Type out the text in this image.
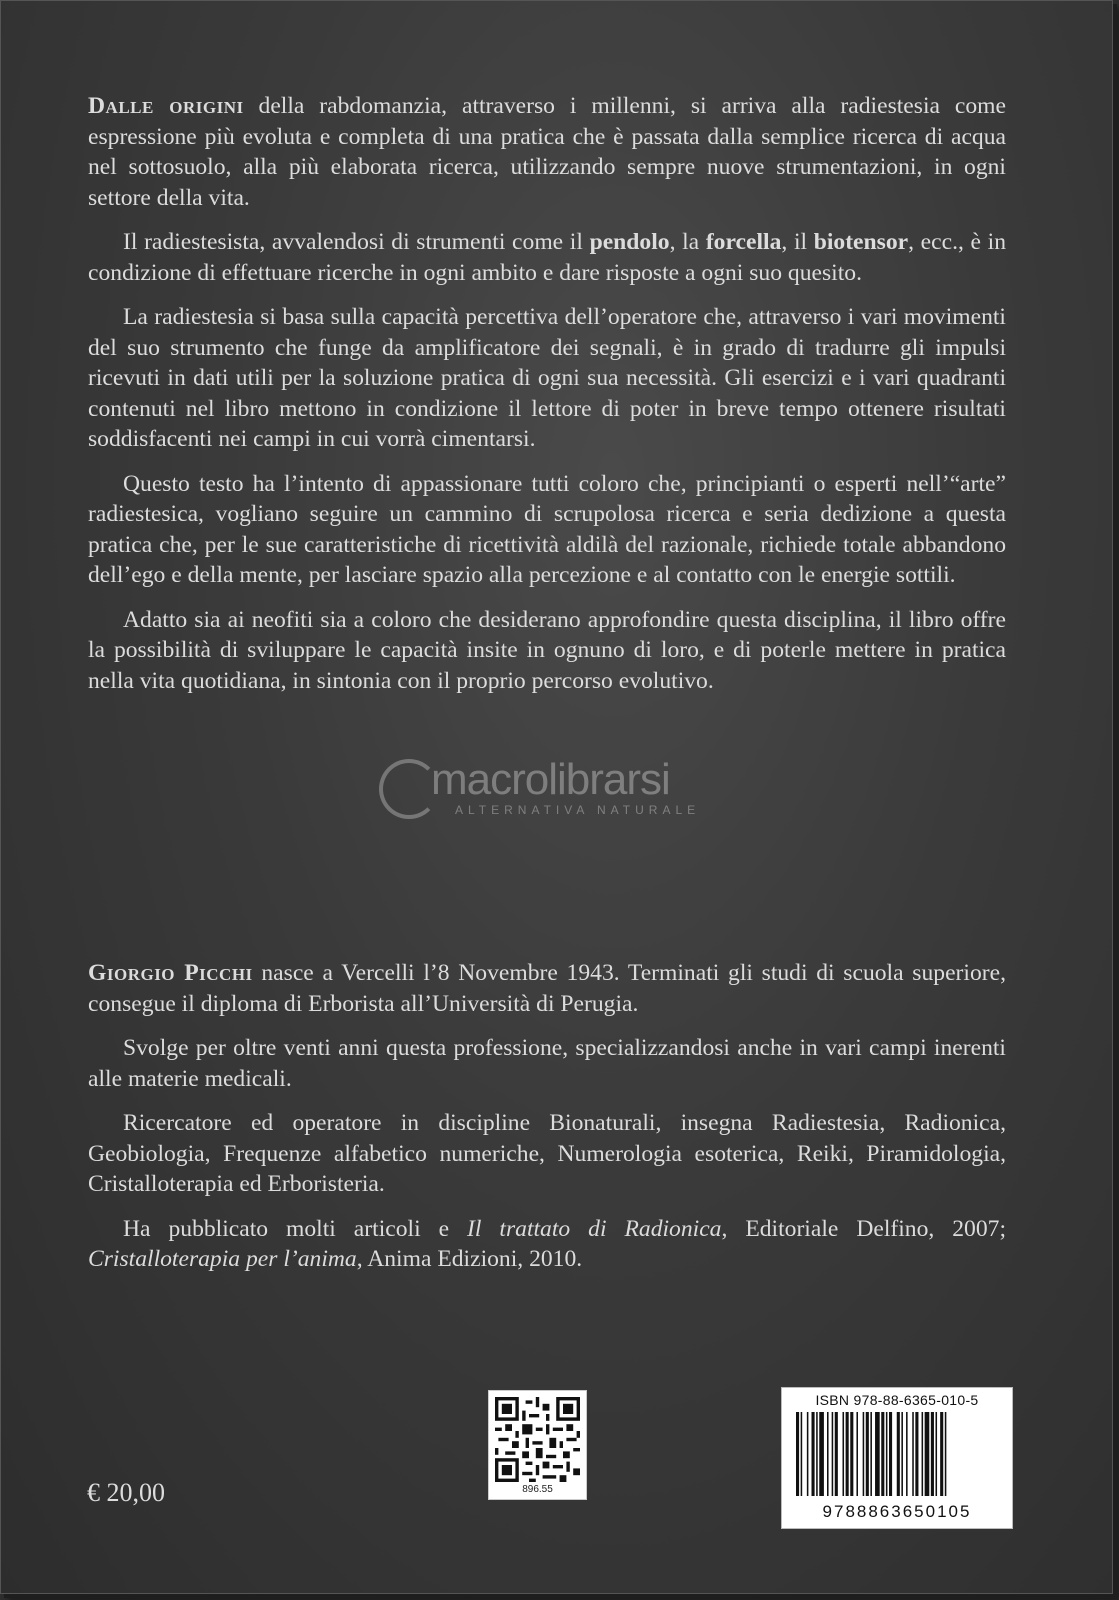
Dalle origini della rabdomanzia, attraverso i millenni, si arriva alla radiestesia come espressione più evoluta e completa di una pratica che è passata dalla semplice ricerca di acqua nel sottosuolo, alla più elaborata ricerca, utilizzando sempre nuove strumentazioni, in ogni settore della vita.

Il radiestesista, avvalendosi di strumenti come il pendolo, la forcella, il biotensor, ecc., è in condizione di effettuare ricerche in ogni ambito e dare risposte a ogni suo quesito.

La radiestesia si basa sulla capacità percettiva dell’operatore che, attraverso i vari movimenti del suo strumento che funge da amplificatore dei segnali, è in grado di tradurre gli impulsi ricevuti in dati utili per la soluzione pratica di ogni sua necessità. Gli esercizi e i vari quadranti contenuti nel libro mettono in condizione il lettore di poter in breve tempo ottenere risultati soddisfacenti nei campi in cui vorrà cimentarsi.

Questo testo ha l’intento di appassionare tutti coloro che, principianti o esperti nell’“arte” radiestesica, vogliano seguire un cammino di scrupolosa ricerca e seria dedizione a questa pratica che, per le sue caratteristiche di ricettività aldilà del razionale, richiede totale abbandono dell’ego e della mente, per lasciare spazio alla percezione e al contatto con le energie sottili.

Adatto sia ai neofiti sia a coloro che desiderano approfondire questa disciplina, il libro offre la possibilità di sviluppare le capacità insite in ognuno di loro, e di poterle mettere in pratica nella vita quotidiana, in sintonia con il proprio percorso evolutivo.

macrolibrarsi
ALTERNATIVA NATURALE

Giorgio Picchi nasce a Vercelli l’8 Novembre 1943. Terminati gli studi di scuola superiore, consegue il diploma di Erborista all’Università di Perugia.

Svolge per oltre venti anni questa professione, specializzandosi anche in vari campi inerenti alle materie medicali.

Ricercatore ed operatore in discipline Bionaturali, insegna Radiestesia, Radionica, Geobiologia, Frequenze alfabetico numeriche, Numerologia esoterica, Reiki, Piramidologia, Cristalloterapia ed Erboristeria.

Ha pubblicato molti articoli e Il trattato di Radionica, Editoriale Delfino, 2007; Cristalloterapia per l’anima, Anima Edizioni, 2010.

€ 20,00	896.55
ISBN 978-88-6365-010-5
9788863650105
